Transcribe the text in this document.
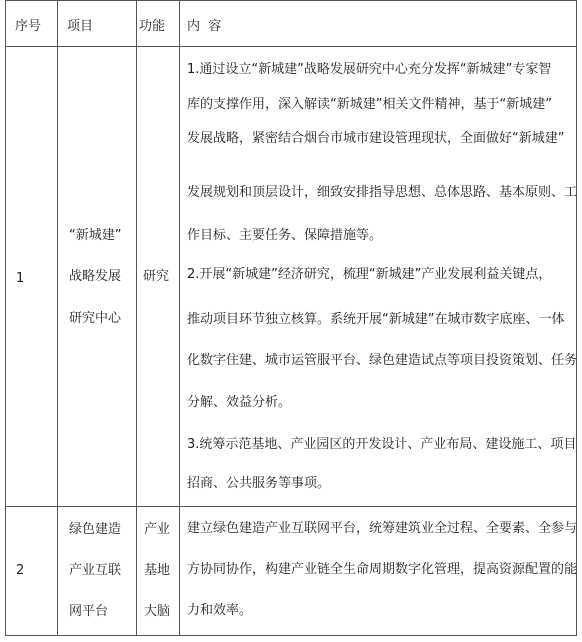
序号 项目	功能 内  容
1
“新城建”
战略发展
研究中心
研究
1.通过设立“新城建”战略发展研究中心充分发挥“新城建”专家智
库的支撑作用，深入解读“新城建”相关文件精神，基于“新城建”
发展战略，紧密结合烟台市城市建设管理现状，全面做好“新城建”
发展规划和顶层设计，细致安排指导思想、总体思路、基本原则、工
作目标、主要任务、保障措施等。
2.开展“新城建”经济研究，梳理“新城建”产业发展利益关键点，
推动项目环节独立核算。系统开展“新城建”在城市数字底座、一体
化数字住建、城市运管服平台、绿色建造试点等项目投资策划、任务
分解、效益分析。
3.统筹示范基地、产业园区的开发设计、产业布局、建设施工、项目
招商、公共服务等事项。
2
绿色建造
产业互联
网平台
产业
基地
大脑
建立绿色建造产业互联网平台，统筹建筑业全过程、全要素、全参与
方协同协作，构建产业链全生命周期数字化管理，提高资源配置的能
力和效率。
